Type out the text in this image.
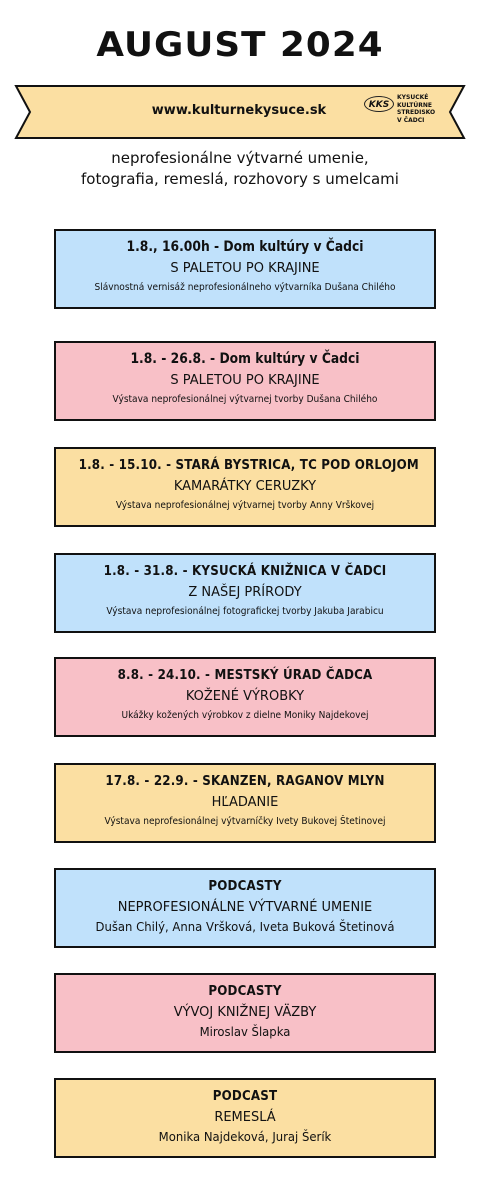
AUGUST 2024
www.kulturnekysuce.sk	KKS
KYSUCKÉ
KULTÚRNE
STREDISKO
V ČADCI
neprofesionálne výtvarné umenie,
fotografia, remeslá, rozhovory s umelcami
1.8., 16.00h - Dom kultúry v Čadci
S PALETOU PO KRAJINE
Slávnostná vernisáž neprofesionálneho výtvarníka Dušana Chilého
1.8. - 26.8. - Dom kultúry v Čadci
S PALETOU PO KRAJINE
Výstava neprofesionálnej výtvarnej tvorby Dušana Chilého
1.8. - 15.10. - STARÁ BYSTRICA, TC POD ORLOJOM
KAMARÁTKY CERUZKY
Výstava neprofesionálnej výtvarnej tvorby Anny Vrškovej
1.8. - 31.8. - KYSUCKÁ KNIŽNICA V ČADCI
Z NAŠEJ PRÍRODY
Výstava neprofesionálnej fotografickej tvorby Jakuba Jarabicu
8.8. - 24.10. - MESTSKÝ ÚRAD ČADCA
KOŽENÉ VÝROBKY
Ukážky kožených výrobkov z dielne Moniky Najdekovej
17.8. - 22.9. - SKANZEN, RAGANOV MLYN
HĽADANIE
Výstava neprofesionálnej výtvarníčky Ivety Bukovej Štetinovej
PODCASTY
NEPROFESIONÁLNE VÝTVARNÉ UMENIE
Dušan Chilý, Anna Vršková, Iveta Buková Štetinová
PODCASTY
VÝVOJ KNIŽNEJ VÄZBY
Miroslav Šlapka
PODCAST
REMESLÁ
Monika Najdeková, Juraj Šerík
